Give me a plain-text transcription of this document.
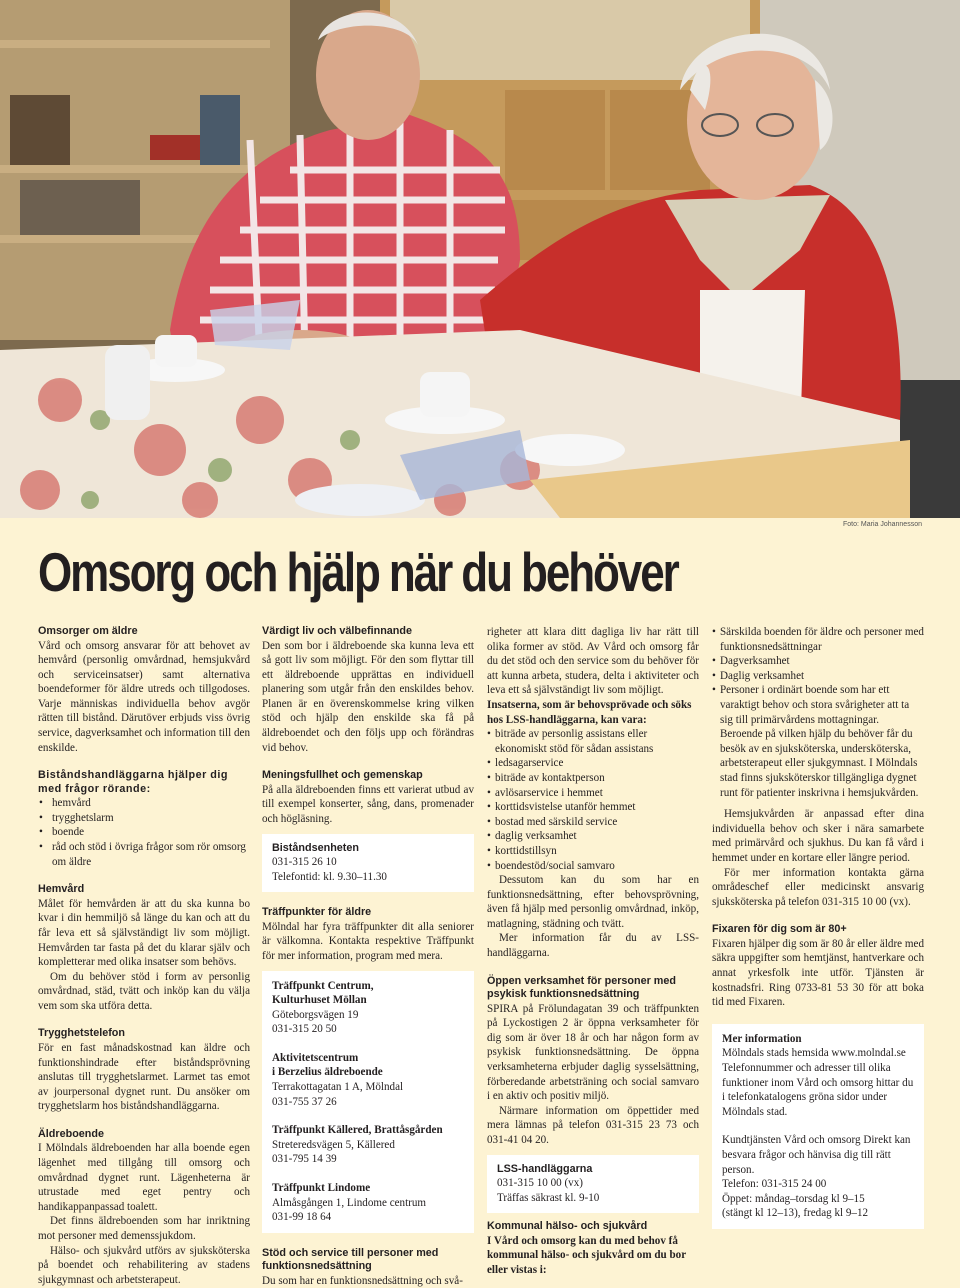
Foto: Maria Johannesson
Omsorg och hjälp när du behöver
Omsorger om äldre

Vård och omsorg ansvarar för att behovet av hemvård (personlig omvårdnad, hemsjukvård och serviceinsatser) samt alternativa boendeformer för äldre utreds och tillgodoses. Varje människas individuella behov avgör rätten till bistånd. Därutöver erbjuds viss övrig service, dagverksamhet och information till den enskilde.

Biståndshandläggarna hjälper dig med frågor rörande:
• hemvård
• trygghetslarm
• boende
• råd och stöd i övriga frågor som rör omsorg om äldre
Hemvård

Målet för hemvården är att du ska kunna bo kvar i din hemmiljö så länge du kan och att du får leva ett så självständigt liv som möjligt. Hemvården tar fasta på det du klarar själv och kompletterar med olika insatser som behövs.

Om du behöver stöd i form av personlig omvårdnad, städ, tvätt och inköp kan du välja vem som ska utföra detta.

Trygghetstelefon

För en fast månadskostnad kan äldre och funktionshindrade efter biståndsprövning anslutas till trygghetslarmet. Larmet tas emot av jourpersonal dygnet runt. Du ansöker om trygghetslarm hos biståndshandläggarna.

Äldreboende

I Mölndals äldreboenden har alla boende egen lägenhet med tillgång till omsorg och omvårdnad dygnet runt. Lägenheterna är utrustade med eget pentry och handikappanpassad toalett.

Det finns äldreboenden som har inriktning mot personer med demenssjukdom.

Hälso- och sjukvård utförs av sjuksköterska på boendet och rehabilitering av stadens sjukgymnast och arbetsterapeut.

Värdigt liv och välbefinnande

Den som bor i äldreboende ska kunna leva ett så gott liv som möjligt. För den som flyttar till ett äldreboende upprättas en individuell planering som utgår från den enskildes behov. Planen är en överenskommelse kring vilken stöd och hjälp den enskilde ska få på äldreboendet och den följs upp och förändras vid behov.

Meningsfullhet och gemenskap

På alla äldreboenden finns ett varierat utbud av till exempel konserter, sång, dans, promenader och högläsning.

Biståndsenheten
031-315 26 10
Telefontid: kl. 9.30–11.30
Träffpunkter för äldre

Mölndal har fyra träffpunkter dit alla seniorer är välkomna. Kontakta respektive Träffpunkt för mer information, program med mera.

Träffpunkt Centrum,
Kulturhuset Möllan
Göteborgsvägen 19
031-315 20 50
Aktivitetscentrum
i Berzelius äldreboende
Terrakottagatan 1 A, Mölndal
031-755 37 26
Träffpunkt Källered, Brattåsgården
Streteredsvägen 5, Källered
031-795 14 39
Träffpunkt Lindome
Almåsgången 1, Lindome centrum
031-99 18 64
Stöd och service till personer med funktionsnedsättning

Du som har en funktionsnedsättning och svå-

righeter att klara ditt dagliga liv har rätt till olika former av stöd. Av Vård och omsorg får du det stöd och den service som du behöver för att kunna arbeta, studera, delta i aktiviteter och leva ett så självständigt liv som möjligt.

Insatserna, som är behovsprövade och söks hos LSS-handläggarna, kan vara:
• biträde av personlig assistans eller ekonomiskt stöd för sådan assistans
• ledsagarservice
• biträde av kontaktperson
• avlösarservice i hemmet
• korttidsvistelse utanför hemmet
• bostad med särskild service
• daglig verksamhet
• korttidstillsyn
• boendestöd/social samvaro

Dessutom kan du som har en funktionsnedsättning, efter behovsprövning, även få hjälp med personlig omvårdnad, inköp, matlagning, städning och tvätt.

Mer information får du av LSS-handläggarna.

Öppen verksamhet för personer med psykisk funktionsnedsättning

SPIRA på Frölundagatan 39 och träffpunkten på Lyckostigen 2 är öppna verksamheter för dig som är över 18 år och har någon form av psykisk funktionsnedsättning. De öppna verksamheterna erbjuder daglig sysselsättning, förberedande arbetsträning och social samvaro i en aktiv och positiv miljö.

Närmare information om öppettider med mera lämnas på telefon 031-315 23 73 och 031-41 04 20.

LSS-handläggarna
031-315 10 00 (vx)
Träffas säkrast kl. 9-10
Kommunal hälso- och sjukvård
I Vård och omsorg kan du med behov få kommunal hälso- och sjukvård om du bor eller vistas i:
• Särskilda boenden för äldre och personer med funktionsnedsättningar
• Dagverksamhet
• Daglig verksamhet
• Personer i ordinärt boende som har ett varaktigt behov och stora svårigheter att ta sig till primärvårdens mottagningar. Beroende på vilken hjälp du behöver får du besök av en sjuksköterska, undersköterska, arbetsterapeut eller sjukgymnast. I Mölndals stad finns sjuksköterskor tillgängliga dygnet runt för patienter inskrivna i hemsjukvården.

Hemsjukvården är anpassad efter dina individuella behov och sker i nära samarbete med primärvård och sjukhus. Du kan få vård i hemmet under en kortare eller längre period.

För mer information kontakta gärna områdeschef eller medicinskt ansvarig sjuksköterska på telefon 031-315 10 00 (vx).

Fixaren för dig som är 80+

Fixaren hjälper dig som är 80 år eller äldre med säkra uppgifter som hemtjänst, hantverkare och annat yrkesfolk inte utför. Tjänsten är kostnadsfri. Ring 0733-81 53 30 för att boka tid med Fixaren.

Mer information
Mölndals stads hemsida www.molndal.se
Telefonnummer och adresser till olika funktioner inom Vård och omsorg hittar du i telefonkatalogens gröna sidor under Mölndals stad.
Kundtjänsten Vård och omsorg Direkt kan besvara frågor och hänvisa dig till rätt person.
Telefon: 031-315 24 00
Öppet: måndag–torsdag kl 9–15
(stängt kl 12–13), fredag kl 9–12
